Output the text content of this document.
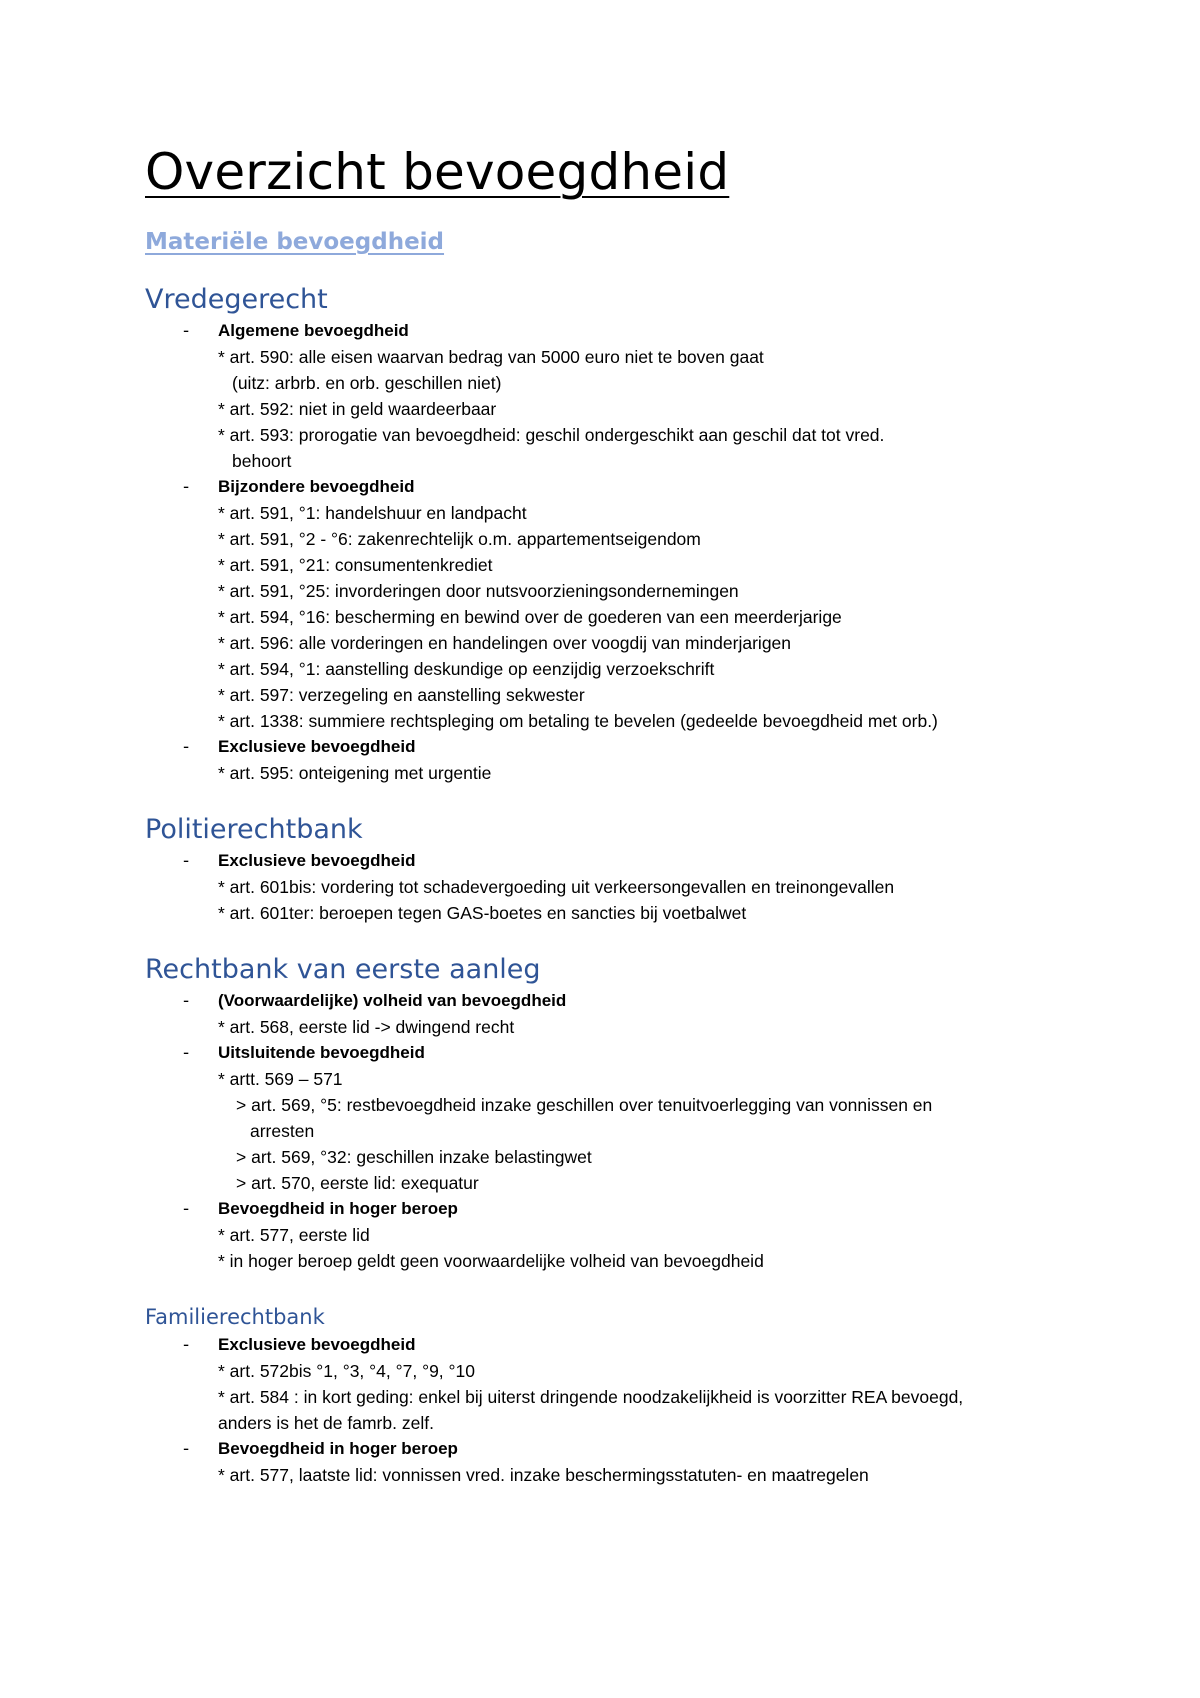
Overzicht bevoegdheid
Materiële bevoegdheid
Vredegerecht
- Algemene bevoegdheid
* art. 590: alle eisen waarvan bedrag van 5000 euro niet te boven gaat
(uitz: arbrb. en orb. geschillen niet)
* art. 592: niet in geld waardeerbaar
* art. 593: prorogatie van bevoegdheid: geschil ondergeschikt aan geschil dat tot vred.
behoort
- Bijzondere bevoegdheid
* art. 591, °1: handelshuur en landpacht
* art. 591, °2 - °6: zakenrechtelijk o.m. appartementseigendom
* art. 591, °21: consumentenkrediet
* art. 591, °25: invorderingen door nutsvoorzieningsondernemingen
* art. 594, °16: bescherming en bewind over de goederen van een meerderjarige
* art. 596: alle vorderingen en handelingen over voogdij van minderjarigen
* art. 594, °1: aanstelling deskundige op eenzijdig verzoekschrift
* art. 597: verzegeling en aanstelling sekwester
* art. 1338: summiere rechtspleging om betaling te bevelen (gedeelde bevoegdheid met orb.)
- Exclusieve bevoegdheid
* art. 595: onteigening met urgentie
Politierechtbank
- Exclusieve bevoegdheid
* art. 601bis: vordering tot schadevergoeding uit verkeersongevallen en treinongevallen
* art. 601ter: beroepen tegen GAS-boetes en sancties bij voetbalwet
Rechtbank van eerste aanleg
- (Voorwaardelijke) volheid van bevoegdheid
* art. 568, eerste lid -> dwingend recht
- Uitsluitende bevoegdheid
* artt. 569 – 571
> art. 569, °5: restbevoegdheid inzake geschillen over tenuitvoerlegging van vonnissen en
arresten
> art. 569, °32: geschillen inzake belastingwet
> art. 570, eerste lid: exequatur
- Bevoegdheid in hoger beroep
* art. 577, eerste lid
* in hoger beroep geldt geen voorwaardelijke volheid van bevoegdheid
Familierechtbank
- Exclusieve bevoegdheid
* art. 572bis °1, °3, °4, °7, °9, °10
* art. 584 : in kort geding: enkel bij uiterst dringende noodzakelijkheid is voorzitter REA bevoegd,
anders is het de famrb. zelf.
- Bevoegdheid in hoger beroep
* art. 577, laatste lid: vonnissen vred. inzake beschermingsstatuten- en maatregelen
